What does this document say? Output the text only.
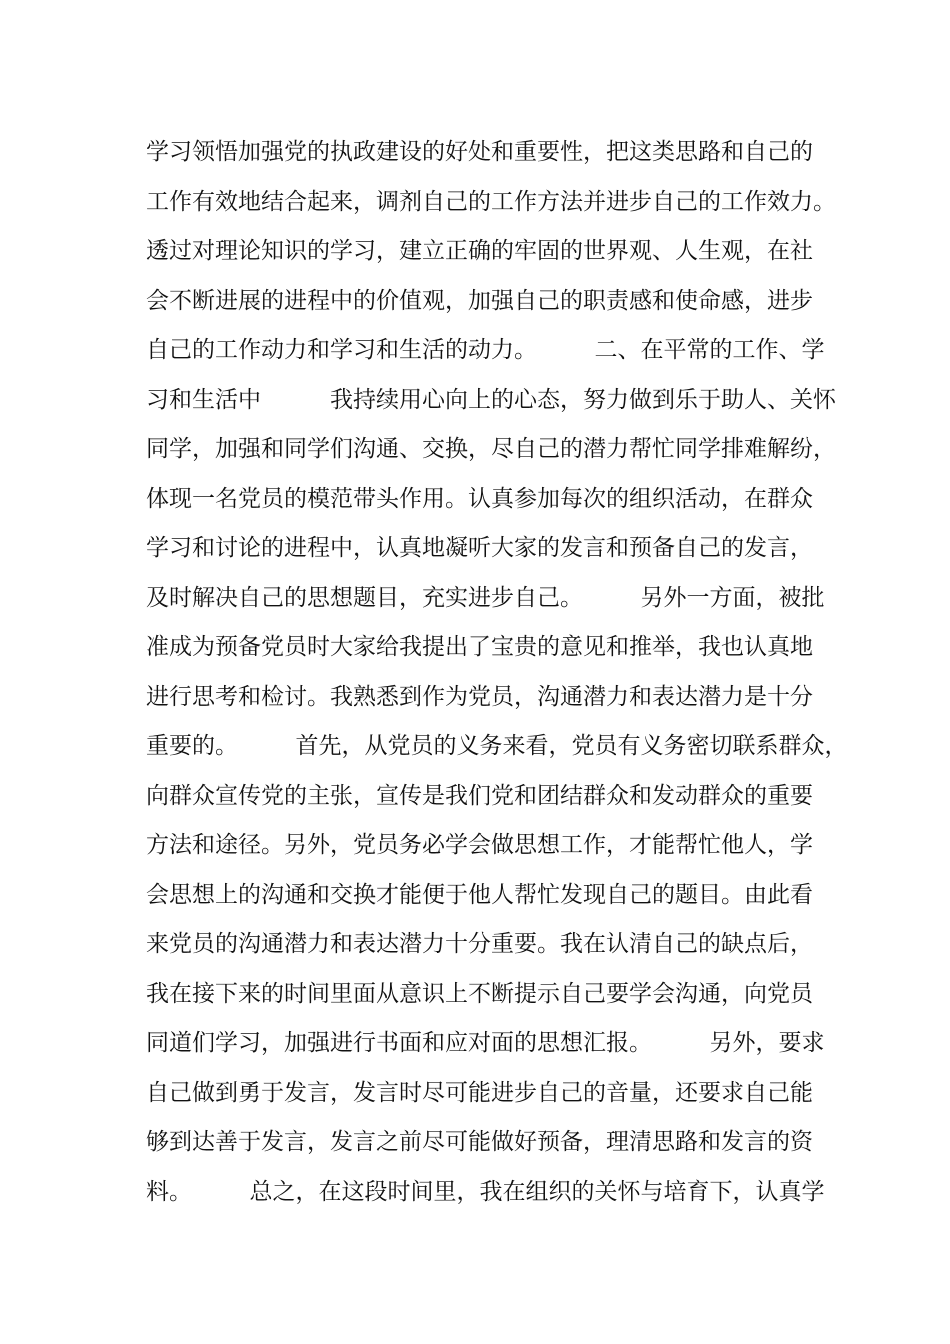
学习领悟加强党的执政建设的好处和重要性，把这类思路和自己的
工作有效地结合起来，调剂自己的工作方法并进步自己的工作效力。
透过对理论知识的学习，建立正确的牢固的世界观、人生观，在社
会不断进展的进程中的价值观，加强自己的职责感和使命感，进步
自己的工作动力和学习和生活的动力。　　　二、在平常的工作、学
习和生活中　　　我持续用心向上的心态，努力做到乐于助人、关怀
同学，加强和同学们沟通、交换，尽自己的潜力帮忙同学排难解纷，
体现一名党员的模范带头作用。认真参加每次的组织活动，在群众
学习和讨论的进程中，认真地凝听大家的发言和预备自己的发言，
及时解决自己的思想题目，充实进步自己。　　　另外一方面，被批
准成为预备党员时大家给我提出了宝贵的意见和推举，我也认真地
进行思考和检讨。我熟悉到作为党员，沟通潜力和表达潜力是十分
重要的。　　　首先，从党员的义务来看，党员有义务密切联系群众，
向群众宣传党的主张，宣传是我们党和团结群众和发动群众的重要
方法和途径。另外，党员务必学会做思想工作，才能帮忙他人，学
会思想上的沟通和交换才能便于他人帮忙发现自己的题目。由此看
来党员的沟通潜力和表达潜力十分重要。我在认清自己的缺点后，
我在接下来的时间里面从意识上不断提示自己要学会沟通，向党员
同道们学习，加强进行书面和应对面的思想汇报。　　　另外，要求
自己做到勇于发言，发言时尽可能进步自己的音量，还要求自己能
够到达善于发言，发言之前尽可能做好预备，理清思路和发言的资
料。　　　总之，在这段时间里，我在组织的关怀与培育下，认真学
